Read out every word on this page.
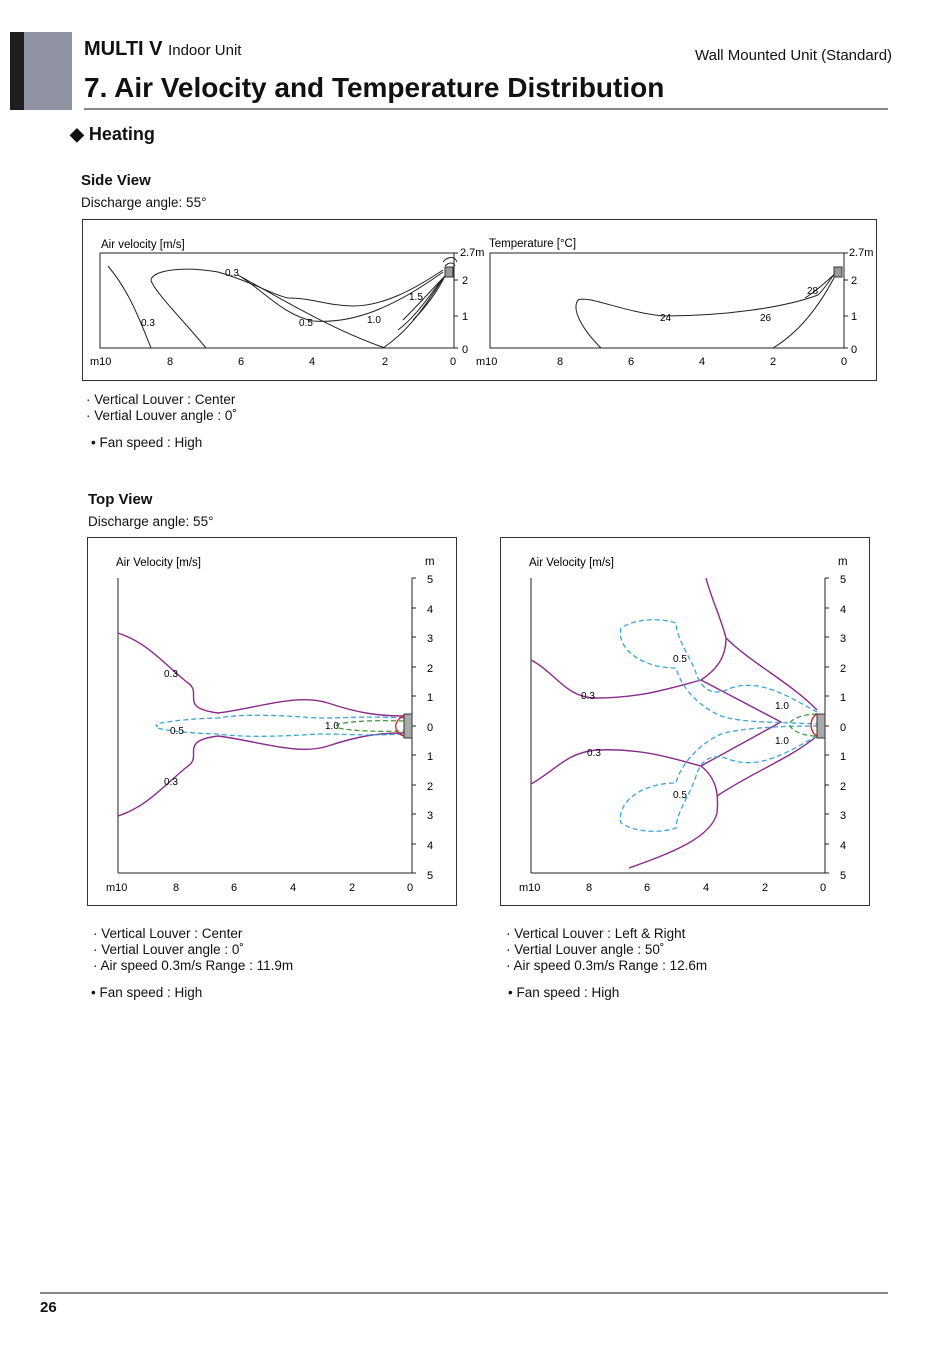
MULTI V Indoor Unit	Wall Mounted Unit (Standard)
7. Air Velocity and Temperature Distribution
◆ Heating
Side View
Discharge angle: 55°
Air velocity [m/s]
0.3
0.3	0.5	1.0
1.5
2.7m
2
1
0
m10	8	6	4	2	0
Temperature [°C]
24	26
28
2.7m
2
1
0
m10	8	6	4	2	0
· Vertical Louver : Center
· Vertial Louver angle : 0˚
• Fan speed : High
Top View
Discharge angle: 55°
Air Velocity [m/s]	m
5
4
3
2
1
0
1
2
3
4
5
m10	8	6	4	2	0
0.3
0.5	1.0
0.3
Air Velocity [m/s]	m
5
4
3
2
1
0
1
2
3
4
5
m10	8	6	4	2	0
0.5
0.3
1.0
1.0
0.3
0.5
· Vertical Louver : Center
· Vertial Louver angle : 0˚
· Air speed 0.3m/s Range : 11.9m
• Fan speed : High
· Vertical Louver : Left & Right
· Vertial Louver angle : 50˚
· Air speed 0.3m/s Range : 12.6m
• Fan speed : High
26
